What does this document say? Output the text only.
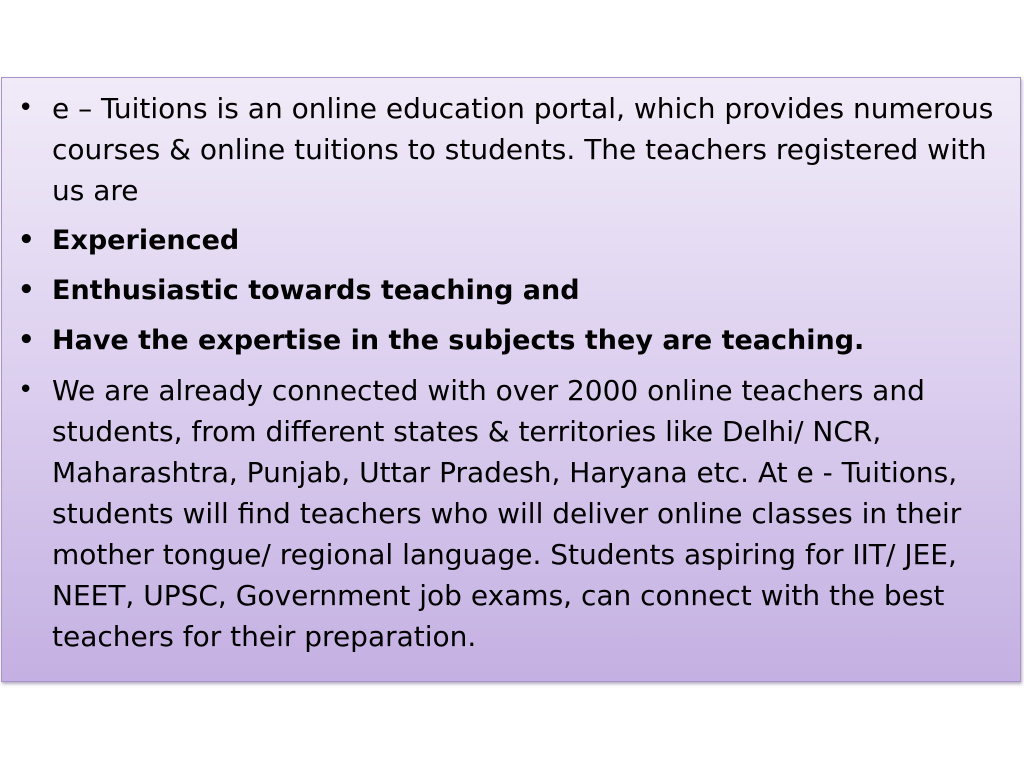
• e – Tuitions is an online education portal, which provides numerous courses & online tuitions to students. The teachers registered with us are
• Experienced
• Enthusiastic towards teaching and
• Have the expertise in the subjects they are teaching.
• We are already connected with over 2000 online teachers and students, from different states & territories like Delhi/ NCR, Maharashtra, Punjab, Uttar Pradesh, Haryana etc. At e - Tuitions, students will find teachers who will deliver online classes in their mother tongue/ regional language. Students aspiring for IIT/ JEE, NEET, UPSC, Government job exams, can connect with the best teachers for their preparation.
